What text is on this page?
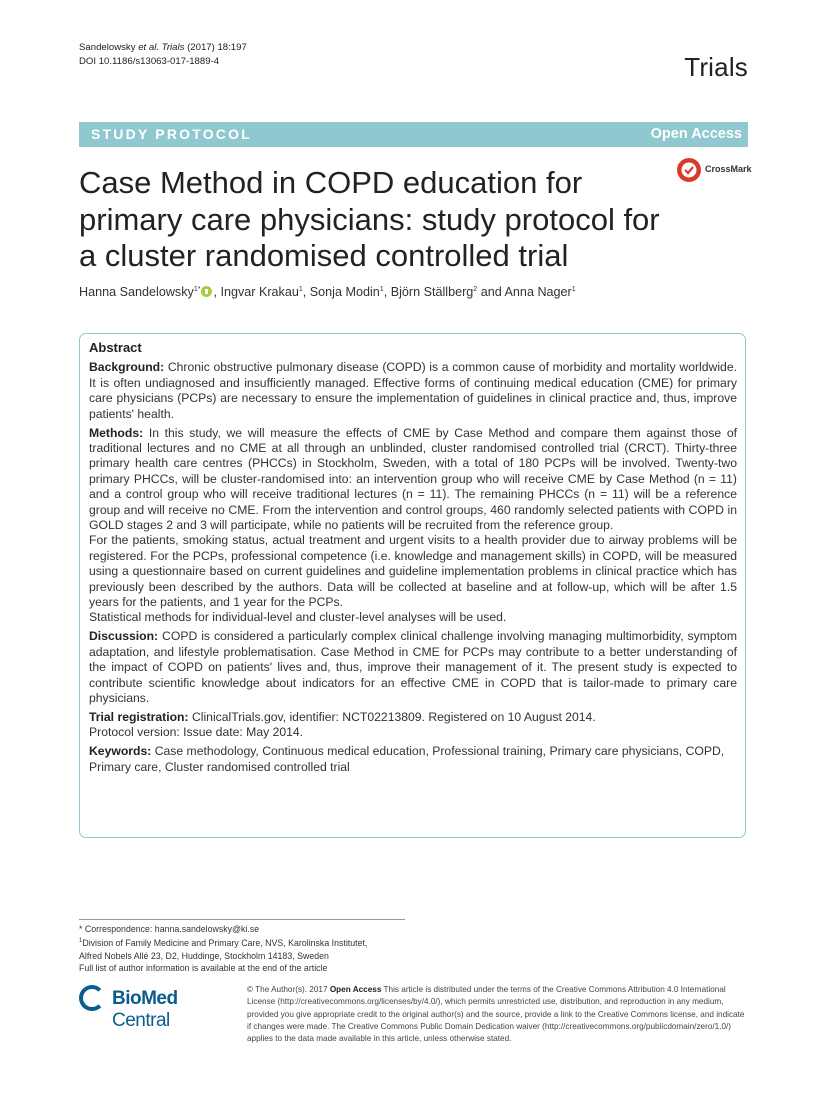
Sandelowsky et al. Trials (2017) 18:197
DOI 10.1186/s13063-017-1889-4	Trials
STUDY PROTOCOL	Open Access
Case Method in COPD education for primary care physicians: study protocol for a cluster randomised controlled trial
CrossMark
Hanna Sandelowsky$^{1*}$ , Ingvar Krakau$^1$, Sonja Modin$^1$, Björn Ställberg$^2$ and Anna Nager$^1$
Abstract

Background: Chronic obstructive pulmonary disease (COPD) is a common cause of morbidity and mortality worldwide. It is often undiagnosed and insufficiently managed. Effective forms of continuing medical education (CME) for primary care physicians (PCPs) are necessary to ensure the implementation of guidelines in clinical practice and, thus, improve patients' health.

Methods: In this study, we will measure the effects of CME by Case Method and compare them against those of traditional lectures and no CME at all through an unblinded, cluster randomised controlled trial (CRCT). Thirty-three primary health care centres (PHCCs) in Stockholm, Sweden, with a total of 180 PCPs will be involved. Twenty-two primary PHCCs, will be cluster-randomised into: an intervention group who will receive CME by Case Method (n = 11) and a control group who will receive traditional lectures (n = 11). The remaining PHCCs (n = 11) will be a reference group and will receive no CME. From the intervention and control groups, 460 randomly selected patients with COPD in GOLD stages 2 and 3 will participate, while no patients will be recruited from the reference group.

For the patients, smoking status, actual treatment and urgent visits to a health provider due to airway problems will be registered. For the PCPs, professional competence (i.e. knowledge and management skills) in COPD, will be measured using a questionnaire based on current guidelines and guideline implementation problems in clinical practice which has previously been described by the authors. Data will be collected at baseline and at follow-up, which will be after 1.5 years for the patients, and 1 year for the PCPs.

Statistical methods for individual-level and cluster-level analyses will be used.

Discussion: COPD is considered a particularly complex clinical challenge involving managing multimorbidity, symptom adaptation, and lifestyle problematisation. Case Method in CME for PCPs may contribute to a better understanding of the impact of COPD on patients' lives and, thus, improve their management of it. The present study is expected to contribute scientific knowledge about indicators for an effective CME in COPD that is tailor-made to primary care physicians.

Trial registration: ClinicalTrials.gov, identifier: NCT02213809. Registered on 10 August 2014.

Protocol version: Issue date: May 2014.

Keywords: Case methodology, Continuous medical education, Professional training, Primary care physicians, COPD, Primary care, Cluster randomised controlled trial

* Correspondence: hanna.sandelowsky@ki.se
$^1$Division of Family Medicine and Primary Care, NVS, Karolinska Institutet,
Alfred Nobels Allé 23, D2, Huddinge, Stockholm 14183, Sweden
Full list of author information is available at the end of the article
BioMed Central
© The Author(s). 2017 Open Access This article is distributed under the terms of the Creative Commons Attribution 4.0 International License (http://creativecommons.org/licenses/by/4.0/), which permits unrestricted use, distribution, and reproduction in any medium, provided you give appropriate credit to the original author(s) and the source, provide a link to the Creative Commons license, and indicate if changes were made. The Creative Commons Public Domain Dedication waiver (http://creativecommons.org/publicdomain/zero/1.0/) applies to the data made available in this article, unless otherwise stated.
